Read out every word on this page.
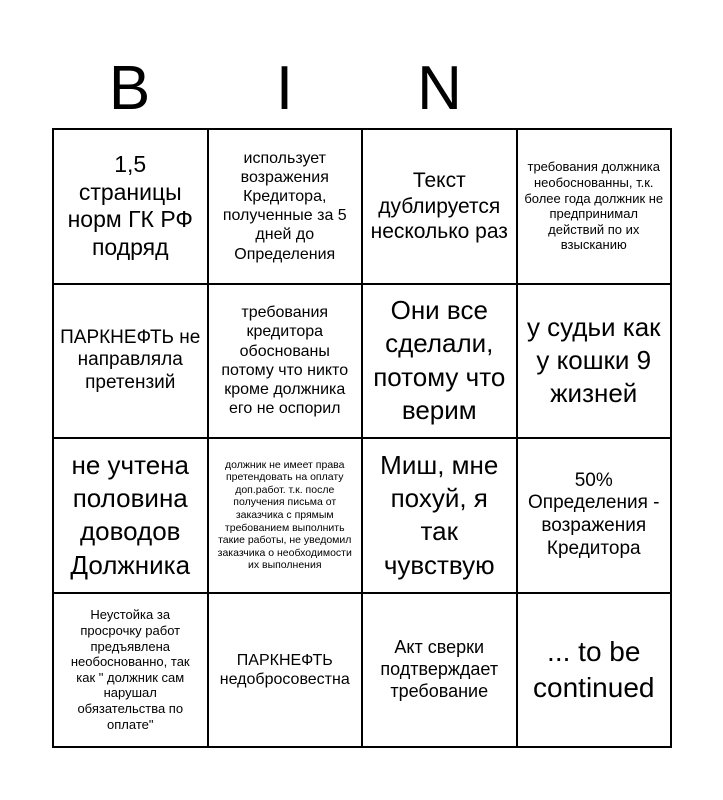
B	I	N
1,5 страницы норм ГК РФ подряд
использует возражения Кредитора, полученные за 5 дней до Определения
Текст дублируется несколько раз
требования должника необоснованны, т.к. более года должник не предпринимал действий по их взысканию
ПАРКНЕФТЬ не направляла претензий
требования кредитора обоснованы потому что никто кроме должника его не оспорил
Они все сделали, потому что верим
у судьи как у кошки 9 жизней
не учтена половина доводов Должника
должник не имеет права претендовать на оплату доп.работ. т.к. после получения письма от заказчика с прямым требованием выполнить такие работы, не уведомил заказчика о необходимости их выполнения
Миш, мне похуй, я так чувствую
50% Определения - возражения Кредитора
Неустойка за просрочку работ предъявлена необоснованно, так как " должник сам нарушал обязательства по оплате"
ПАРКНЕФТЬ недобросовестна
Акт сверки подтверждает требование
... to be continued
